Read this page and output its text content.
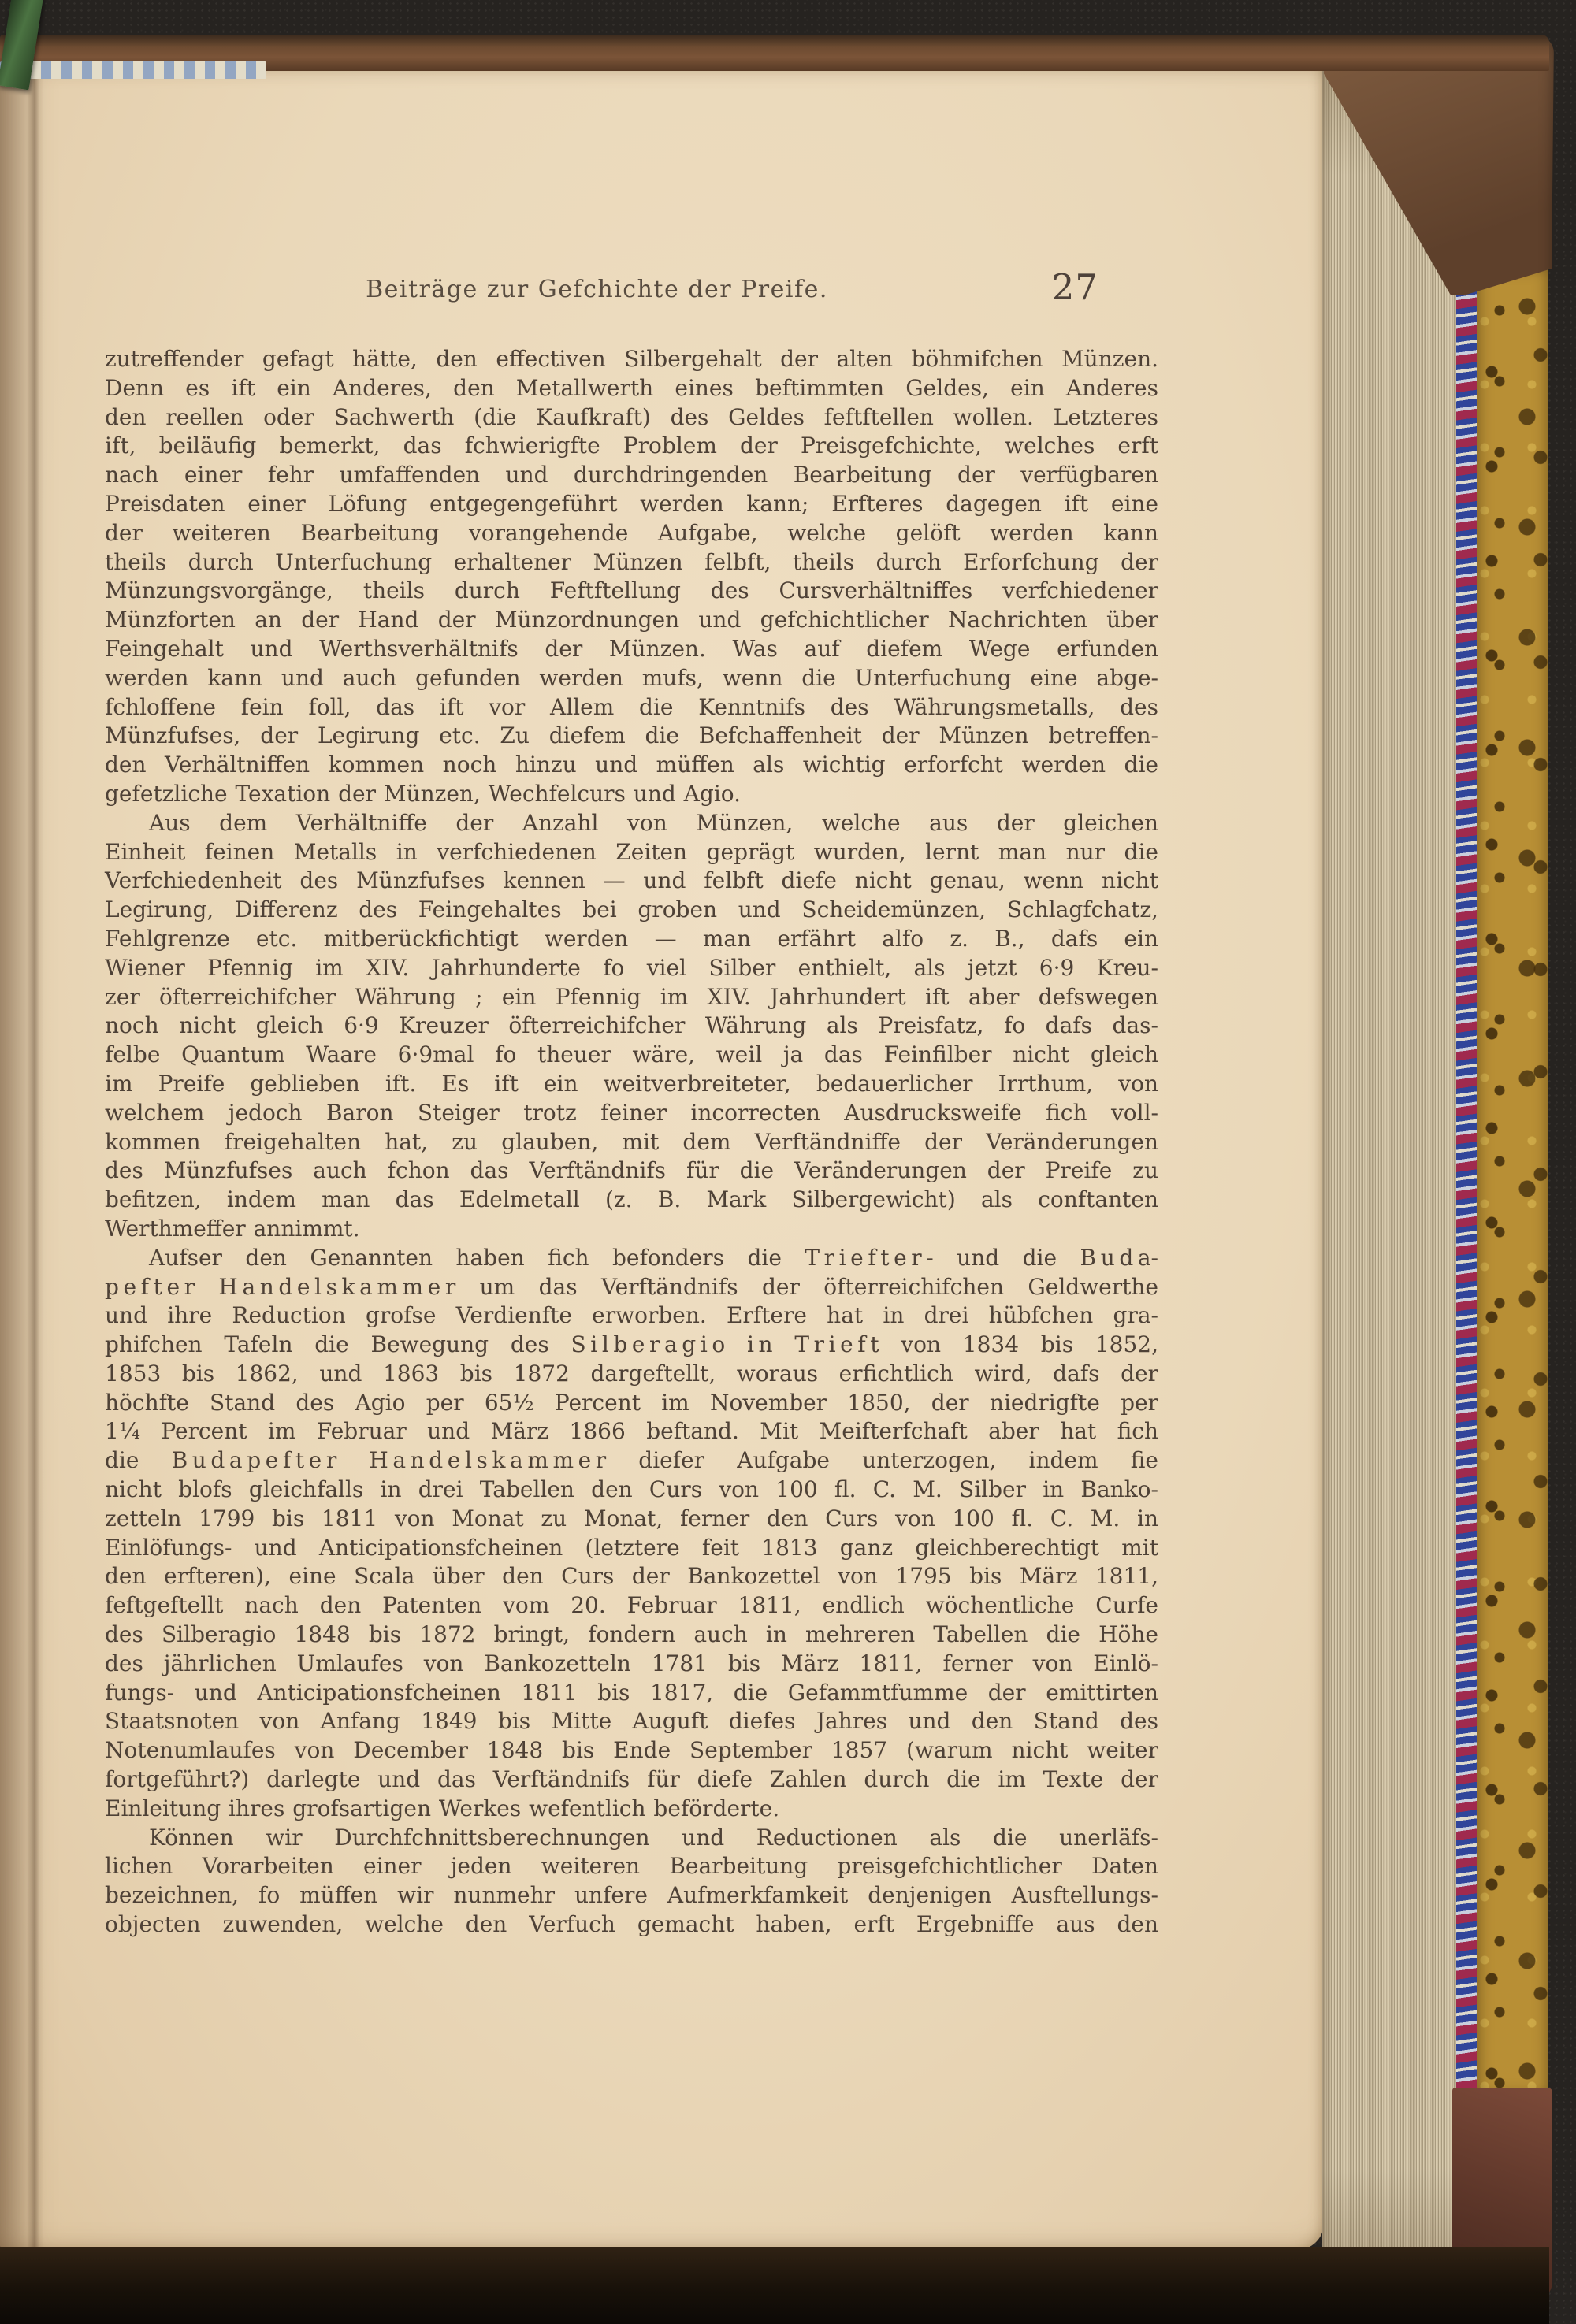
Beiträge zur Gefchichte der Preife.	27
zutreffender gefagt hätte, den effectiven Silbergehalt der alten böhmifchen Münzen.
Denn es ift ein Anderes, den Metallwerth eines beftimmten Geldes, ein Anderes
den reellen oder Sachwerth (die Kaufkraft) des Geldes feftftellen wollen. Letzteres
ift, beiläufig bemerkt, das fchwierigfte Problem der Preisgefchichte, welches erft
nach einer fehr umfaffenden und durchdringenden Bearbeitung der verfügbaren
Preisdaten einer Löfung entgegengeführt werden kann; Erfteres dagegen ift eine
der weiteren Bearbeitung vorangehende Aufgabe, welche gelöft werden kann
theils durch Unterfuchung erhaltener Münzen felbft, theils durch Erforfchung der
Münzungsvorgänge, theils durch Feftftellung des Cursverhältniffes verfchiedener
Münzforten an der Hand der Münzordnungen und gefchichtlicher Nachrichten über
Feingehalt und Werthsverhältnifs der Münzen. Was auf diefem Wege erfunden
werden kann und auch gefunden werden mufs, wenn die Unterfuchung eine abge-
fchloffene fein foll, das ift vor Allem die Kenntnifs des Währungsmetalls, des
Münzfufses, der Legirung etc. Zu diefem die Befchaffenheit der Münzen betreffen-
den Verhältniffen kommen noch hinzu und müffen als wichtig erforfcht werden die
gefetzliche Texation der Münzen, Wechfelcurs und Agio.
Aus dem Verhältniffe der Anzahl von Münzen, welche aus der gleichen
Einheit feinen Metalls in verfchiedenen Zeiten geprägt wurden, lernt man nur die
Verfchiedenheit des Münzfufses kennen — und felbft diefe nicht genau, wenn nicht
Legirung, Differenz des Feingehaltes bei groben und Scheidemünzen, Schlagfchatz,
Fehlgrenze etc. mitberückfichtigt werden — man erfährt alfo z. B., dafs ein
Wiener Pfennig im XIV. Jahrhunderte fo viel Silber enthielt, als jetzt 6·9 Kreu-
zer öfterreichifcher Währung ; ein Pfennig im XIV. Jahrhundert ift aber defswegen
noch nicht gleich 6·9 Kreuzer öfterreichifcher Währung als Preisfatz, fo dafs das-
felbe Quantum Waare 6·9mal fo theuer wäre, weil ja das Feinfilber nicht gleich
im Preife geblieben ift. Es ift ein weitverbreiteter, bedauerlicher Irrthum, von
welchem jedoch Baron Steiger trotz feiner incorrecten Ausdrucksweife fich voll-
kommen freigehalten hat, zu glauben, mit dem Verftändniffe der Veränderungen
des Münzfufses auch fchon das Verftändnifs für die Veränderungen der Preife zu
befitzen, indem man das Edelmetall (z. B. Mark Silbergewicht) als conftanten
Werthmeffer annimmt.
Aufser den Genannten haben fich befonders die T r i e f t e r - und die B u d a-
p e f t e r H a n d e l s k a m m e r um das Verftändnifs der öfterreichifchen Geldwerthe
und ihre Reduction grofse Verdienfte erworben. Erftere hat in drei hübfchen gra-
phifchen Tafeln die Bewegung des S i l b e r a g i o i n T r i e f t von 1834 bis 1852,
1853 bis 1862, und 1863 bis 1872 dargeftellt, woraus erfichtlich wird, dafs der
höchfte Stand des Agio per 65½ Percent im November 1850, der niedrigfte per
1¼ Percent im Februar und März 1866 beftand. Mit Meifterfchaft aber hat fich
die B u d a p e f t e r H a n d e l s k a m m e r diefer Aufgabe unterzogen, indem fie
nicht blofs gleichfalls in drei Tabellen den Curs von 100 fl. C. M. Silber in Banko-
zetteln 1799 bis 1811 von Monat zu Monat, ferner den Curs von 100 fl. C. M. in
Einlöfungs- und Anticipationsfcheinen (letztere feit 1813 ganz gleichberechtigt mit
den erfteren), eine Scala über den Curs der Bankozettel von 1795 bis März 1811,
feftgeftellt nach den Patenten vom 20. Februar 1811, endlich wöchentliche Curfe
des Silberagio 1848 bis 1872 bringt, fondern auch in mehreren Tabellen die Höhe
des jährlichen Umlaufes von Bankozetteln 1781 bis März 1811, ferner von Einlö-
fungs- und Anticipationsfcheinen 1811 bis 1817, die Gefammtfumme der emittirten
Staatsnoten von Anfang 1849 bis Mitte Auguft diefes Jahres und den Stand des
Notenumlaufes von December 1848 bis Ende September 1857 (warum nicht weiter
fortgeführt?) darlegte und das Verftändnifs für diefe Zahlen durch die im Texte der
Einleitung ihres grofsartigen Werkes wefentlich beförderte.
Können wir Durchfchnittsberechnungen und Reductionen als die unerläfs-
lichen Vorarbeiten einer jeden weiteren Bearbeitung preisgefchichtlicher Daten
bezeichnen, fo müffen wir nunmehr unfere Aufmerkfamkeit denjenigen Ausftellungs-
objecten zuwenden, welche den Verfuch gemacht haben, erft Ergebniffe aus den
